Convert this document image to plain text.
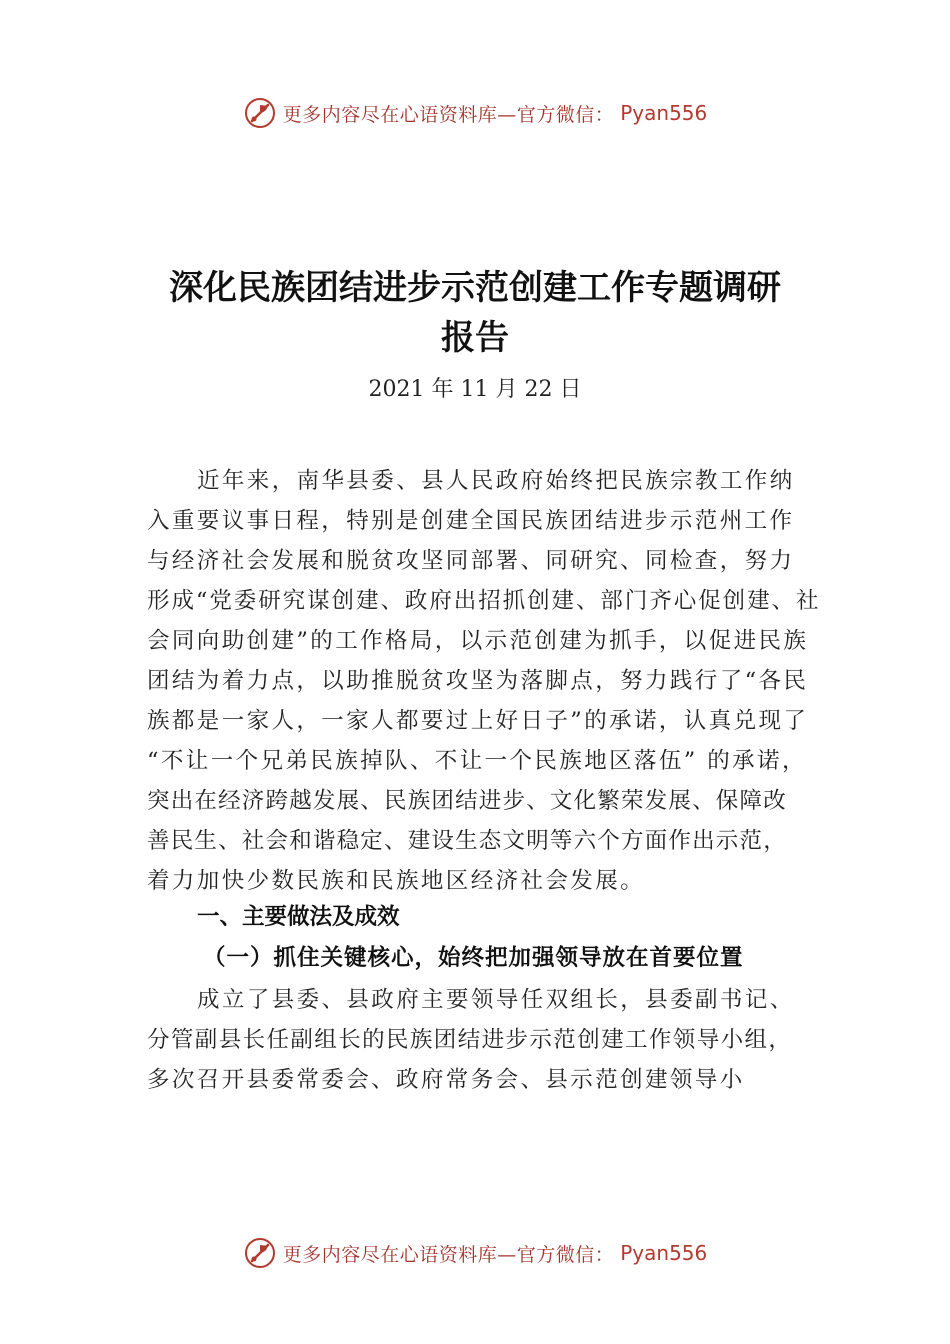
更多内容尽在心语资料库—官方微信： Pyan556
深化民族团结进步示范创建工作专题调研
报告
2021 年 11 月 22 日
近年来，南华县委、县人民政府始终把民族宗教工作纳
入重要议事日程，特别是创建全国民族团结进步示范州工作
与经济社会发展和脱贫攻坚同部署、同研究、同检查，努力
形成“党委研究谋创建、政府出招抓创建、部门齐心促创建、社
会同向助创建”的工作格局，以示范创建为抓手，以促进民族
团结为着力点，以助推脱贫攻坚为落脚点，努力践行了“各民
族都是一家人，一家人都要过上好日子”的承诺，认真兑现了
“不让一个兄弟民族掉队、不让一个民族地区落伍” 的承诺，
突出在经济跨越发展、民族团结进步、文化繁荣发展、保障改
善民生、社会和谐稳定、建设生态文明等六个方面作出示范，
着力加快少数民族和民族地区经济社会发展。
一、主要做法及成效
（一）抓住关键核心，始终把加强领导放在首要位置
成立了县委、县政府主要领导任双组长，县委副书记、
分管副县长任副组长的民族团结进步示范创建工作领导小组，
多次召开县委常委会、政府常务会、县示范创建领导小
更多内容尽在心语资料库—官方微信： Pyan556
